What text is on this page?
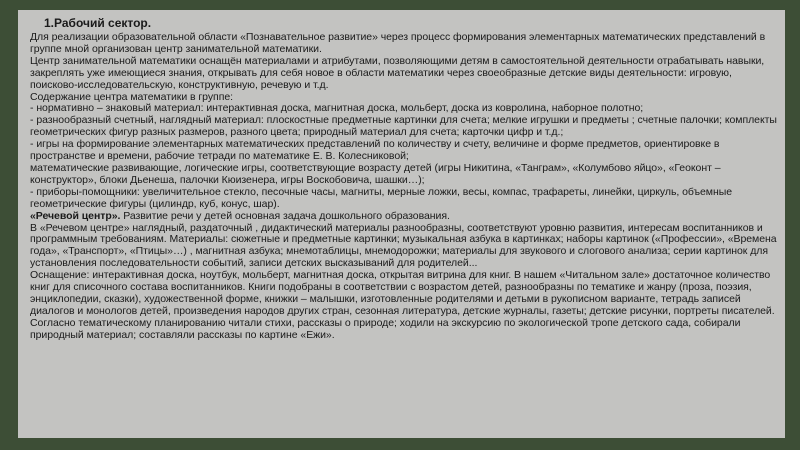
1.Рабочий сектор.

Для реализации образовательной области «Познавательное развитие» через процесс формирования элементарных математических представлений в группе мной организован центр занимательной математики.

Центр занимательной математики оснащён материалами и атрибутами, позволяющими детям в самостоятельной деятельности отрабатывать навыки, закреплять уже имеющиеся знания, открывать для себя новое в области математики через своеобразные детские виды деятельности: игровую, поисково-исследовательскую, конструктивную, речевую и т.д.

Содержание центра математики в группе:

- нормативно – знаковый материал: интерактивная доска, магнитная доска, мольберт, доска из ковролина, наборное полотно;

- разнообразный счетный, наглядный материал: плоскостные предметные картинки для счета; мелкие игрушки и предметы ; счетные палочки; комплекты геометрических фигур разных размеров, разного цвета; природный материал для счета; карточки цифр и т.д.;

- игры на формирование элементарных математических представлений по количеству и счету, величине и форме предметов, ориентировке в пространстве и времени, рабочие тетради по математике Е. В. Колесниковой;

математические развивающие, логические игры, соответствующие возрасту детей (игры Никитина, «Танграм», «Колумбово яйцо», «Геоконт – конструктор», блоки Дьенеша, палочки Кюизенера, игры Воскобовича, шашки…);

- приборы-помощники: увеличительное стекло, песочные часы, магниты, мерные ложки, весы, компас, трафареты, линейки, циркуль, объемные геометрические фигуры (цилиндр, куб, конус, шар).

«Речевой центр». Развитие речи у детей основная задача дошкольного образования.

В «Речевом центре» наглядный, раздаточный , дидактический материалы разнообразны, соответствуют уровню развития, интересам воспитанников и программным требованиям. Материалы: сюжетные и предметные картинки; музыкальная азбука в картинках; наборы картинок («Профессии», «Времена года», «Транспорт», «Птицы»…) , магнитная азбука; мнемотаблицы, мнемодорожки; материалы для звукового и слогового анализа; серии картинок для установления последовательности событий, записи детских высказываний для родителей...

Оснащение: интерактивная доска, ноутбук, мольберт, магнитная доска, открытая витрина для книг. В нашем «Читальном зале» достаточное количество книг для списочного состава воспитанников. Книги подобраны в соответствии с возрастом детей, разнообразны по тематике и жанру (проза, поэзия, энциклопедии, сказки), художественной форме, книжки – малышки, изготовленные родителями и детьми в рукописном варианте, тетрадь записей диалогов и монологов детей, произведения народов других стран, сезонная литература, детские журналы, газеты; детские рисунки, портреты писателей. Согласно тематическому планированию читали стихи, рассказы о природе; ходили на экскурсию по экологической тропе детского сада, собирали природный материал; составляли рассказы по картине «Ежи».
